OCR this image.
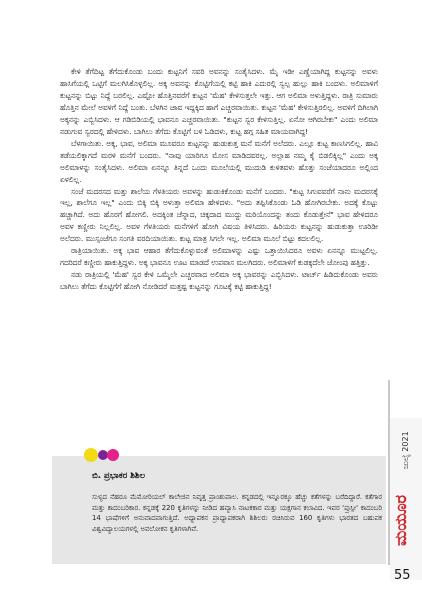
ಕೇಳಿ ತೆಗೆದಿಟ್ಟ ತೆಗೆದುಕೊಂಡು ಬಂದು ಕುಟ್ಟನಿಗೆ ಸವರಿ ಅವನನ್ನು ಸಂತೈಸಿದಳು. ಮೈ ಇಡೀ ಎಣ್ಣೆಯಾಗಿದ್ದ ಕುಟ್ಟನನ್ನು ಅವಳು ಹಾಸಿಗೆಯಲ್ಲಿ ಒಟ್ಟಿಗೆ ಮಲಗಿಸಿಕೊಳ್ಳಲಿಲ್ಲ. ಅಕ್ಕ ಅವನನ್ನು ಕೊಟ್ಟಿಗೆಯಲ್ಲಿ ಕಟ್ಟಿ ಹಾಕಿ ಎದುರಲ್ಲಿ ಸ್ವಲ್ಪ ಹುಲ್ಲು ಹಾಕಿ ಬಂದಳು. ಅಲಿಮಾಳಿಗೆ ಕುಟ್ಟನನ್ನು ಬಿಟ್ಟು ನಿದ್ದೆ ಬರಲಿಲ್ಲ. ಎಷ್ಟೋ ಹೊತ್ತಿನವರೆಗೆ ಕುಟ್ಟನ 'ಮೆಹ' ಕೇಳಿಸುತ್ತಲೇ ಇತ್ತು. ಆಗ ಅಲಿಮಾ ಅಳುತ್ತಿದ್ದಳು. ರಾತ್ರಿ ಸುಮಾರು ಹೊತ್ತಿನ ಮೇಲೆ ಅವಳಿಗೆ ನಿದ್ದೆ ಬಂತು. ಬೆಳಗಿನ ಜಾವ ಇದ್ದಕ್ಕಿದ ಹಾಗೆ ಎಚ್ಚರವಾಯಿತು. ಕುಟ್ಟನ 'ಮೆಹ' ಕೇಳಿಸುತ್ತಿರಲಿಲ್ಲ. ಅವಳಿಗೆ ದಿಗಿಲಾಗಿ ಅಕ್ಕನನ್ನು ಎಬ್ಬಿಸಿದಳು. ಆ ಗಡಿಬಿಡಿಯಲ್ಲಿ ಭಾವನೂ ಎಚ್ಚರವಾಯಿತು. "ಕುಟ್ಟನ ಸ್ವರ ಕೇಳಿಸುತ್ತಿಲ್ಲ. ಏನೋ ಆಗಿರಬೇಕು" ಎಂದು ಅಲಿಮಾ ನಡುಗುವ ಸ್ವರದಲ್ಲಿ ಹೇಳಿದಳು. ಬಾಗಿಲು ತೆಗೆದು ಕೊಟ್ಟಿಗೆ ಬಳಿ ಓಡಿದಳು, ಕುಟ್ಟ ಹಗ್ಗ ಸಹಿತ ಮಾಯವಾಗಿದ್ದ!

ಬೆಳಗಾಯಿತು. ಅಕ್ಕ, ಭಾವ, ಅಲಿಮಾ ಮೂವರೂ ಕುಟ್ಟನನ್ನು ಹುಡುಕುತ್ತ ಮನೆ ಮನೆಗೆ ಅಲೆದರು. ಎಲ್ಲೂ ಕುಟ್ಟ ಕಾಣಸಿಗಲಿಲ್ಲ. ಹಾವಿ ತಡೆಯಲಿಕ್ಕಾಗದೆ ಮರಳಿ ಮನೆಗೆ ಬಂದರು. "ನಾವು ಯಾರಿಗೂ ಮೋಸ ಮಾಡಿದವರಲ್ಲ. ಅಲ್ಲಾಹ ನಮ್ಮ ಕೈ ಬಿಡಲಿಕ್ಕಿಲ್ಲ" ಎಂದು ಅಕ್ಕ ಅಲಿಮಾಳನ್ನು ಸಂತೈಸಿದಳು. ಅಲಿಮಾ ಏನನ್ನೂ ತಿನ್ನದೆ ಒಂದು ಮೂಲೆಯಲ್ಲಿ ಮುದುಡಿ ಕುಳಿತವಳು ಹೊತ್ತು ಸಂಜೆಯಾದರೂ ಅಲ್ಲಿಂದ ಏಳಲಿಲ್ಲ.

ಸಂಜೆ ಮದರಸದ ಮತ್ತು ಶಾಲೆಯ ಗೆಳತಿಯರು ಅವಳನ್ನು ಹುಡುಕಿಕೊಂಡು ಮನೆಗೆ ಬಂದರು. "ಕುಟ್ಟ ಸಿಗುವವರೆಗೆ ನಾನು ಮದರಸಕ್ಕೆ ಇಲ್ಲ, ಶಾಲೆಗೂ ಇಲ್ಲ" ಎಂದು ಬಿಕ್ಕಿ ಬಿಕ್ಕಿ ಅಳುತ್ತಾ ಅಲಿಮಾ ಹೇಳಿದಳು. "ಅದು ತಪ್ಪಿಸಿಕೊಂಡು ಓಡಿ ಹೋಗಿರಬೇಕು. ಅದಕ್ಕೆ ಕೊಟ್ಟು ಹಚ್ಚಾಗಿದೆ. ಅದು ಹೊರಗೆ ಹೋಗಲಿ. ಅದಕ್ಕಿಂತ ಚೆನ್ನಾದ, ಚಿಕ್ಕದಾದ ಮುದ್ದು ಮರಿಯೊಂದನ್ನು ತಂದು ಕೊಡುತ್ತೇನೆ" ಭಾವ ಹೇಳಿದರೂ ಅವಳ ಕಣ್ಣೀರು ನಿಲ್ಲಲಿಲ್ಲ. ಅವಳ ಗೆಳತಿಯರು ಮನೆಗಳಿಗೆ ಹೋಗಿ ವಿಷಯ ತಿಳಿಸಿದರು. ಹಿರಿಯರು ಕುಟ್ಟನನ್ನು ಹುಡುಕುತ್ತಾ ಊರಿಡೀ ಅಲೆದರು. ಮುಸ್ಸಂಜೆಗೂ ಸಂಗತಿ ವರದಿಯಾಯಿತು. ಕುಟ್ಟ ಮಾತ್ರ ಸಿಗಲೇ ಇಲ್ಲ. ಅಲಿಮಾ ಮೂಲೆ ಬಿಟ್ಟು ಕದಲಲಿಲ್ಲ.

ರಾತ್ರಿಯಾಯಿತು. ಅಕ್ಕ ಭಾವ ಆಹಾರ ತೆಗೆದುಕೊಳ್ಳುವಂತೆ ಅಲಿಮಾಳನ್ನು ಎಷ್ಟು ಒತ್ತಾಯಿಸಿದರೂ ಅವಳು ಏನನ್ನೂ ಮುಟ್ಟಲಿಲ್ಲ. ಗದರಿದರೆ ಕಣ್ಣೀರು ಹಾಕುತ್ತಿದ್ದಳು. ಅಕ್ಕ ಭಾವನೂ ಊಟ ಮಾಡದೆ ಉಪವಾಸ ಮಲಗಿದರು. ಅಲಿಮಾಳಿಗೆ ಕುಡಕ್ಕದೆಲೇ ಜೋಂಪು ಹತ್ತಿತ್ತು.

ನಡು ರಾತ್ರಿಯಲ್ಲಿ 'ಮೆಹ' ಸ್ವರ ಕೇಳಿ ಒಮ್ಮೆಲೇ ಎಚ್ಚರವಾದ ಅಲಿಮಾ ಅಕ್ಕ ಭಾವರನ್ನು ಎಬ್ಬಿಸಿದಳು. ಟಾರ್ಚ್ ಹಿಡಿದುಕೊಂಡು ಅವರು ಬಾಗಿಲು ತೆಗೆದು ಕೊಟ್ಟಿಗೆಗೆ ಹೋಗಿ ನೋಡಿದರೆ ಮತ್ತಷ್ಟ ಕುಟ್ಟನನ್ನು ಗೂಟಕ್ಕೆ ಕಟ್ಟಿ ಹಾಕುತ್ತಿದ್ದ!

ಬಿ. ಪ್ರಭಾಕರ ಶಿಶಿಲ

ಸುಳ್ಯದ ನೆಹರೂ ಮೆಮೋರಿಯಲ್ ಕಾಲೇಜಿನ ನಿವೃತ್ತ ಪ್ರಾಂಶುಪಾಲ. ಕನ್ನಡದಲ್ಲಿ ಇನ್ನೂರಕ್ಕೂ ಹೆಚ್ಚು ಕತೆಗಳನ್ನು ಬರೆದಿದ್ದಾರೆ. ಕತೆಗಾರ ಮತ್ತು ಕಾದಂಬರಿಕಾರ. ಕನ್ನಡಕ್ಕೆ 220 ಕೃತಿಗಳನ್ನು ನೀಡಿದ ಹವ್ಯಾಸಿ ನಾಟಕಕಾರ ಮತ್ತು ಯಕ್ಷಗಾನ ಕಲಾವಿದ. ಇವರ 'ಪ್ರುಸ್ಪೀ' ಕಾದಂಬರಿ 14 ಭಾಷೆಗಳಿಗೆ ಅನುವಾದವಾಗುತ್ತಿದೆ. ಅಧ್ಯಾಪಕನ ಪ್ರಾಧ್ಯಾಪಕರಾಗಿ ಶಿಶಿಲರು ರಚಿಸಿರುವ 160 ಕೃತಿಗಳು ಭಾರತದ ಬಹುಪಕ ವಿಶ್ವವಿದ್ಯಾಲಯಗಳಲ್ಲಿ ಅವಲೋಕನ ಕೃತಿಗಳಾಗಿವೆ.

ಜುಲೈ 2021
ಮಯೂರ
55
